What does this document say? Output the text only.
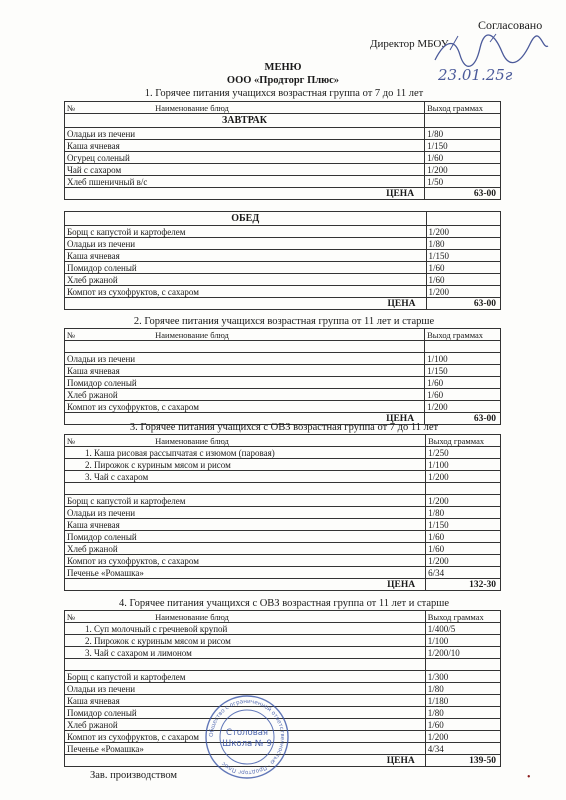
Согласовано
Директор МБОУ
23.01.25г
МЕНЮ
ООО «Продторг Плюс»
1. Горячее питания учащихся возрастная группа от 7 до 11 лет
№ Наименование блюд	Выход граммах
ЗАВТРАК	
Оладьи из печени	1/80
Каша ячневая	1/150
Огурец соленый	1/60
Чай с сахаром	1/200
Хлеб пшеничный в/с	1/50
ЦЕНА	63-00
ОБЕД	
Борщ с капустой и картофелем	1/200
Оладьи из печени	1/80
Каша ячневая	1/150
Помидор соленый	1/60
Хлеб ржаной	1/60
Компот из сухофруктов, с сахаром	1/200
ЦЕНА	63-00
2. Горячее питания учащихся возрастная группа от 11 лет и старше
№ Наименование блюд	Выход граммах

Оладьи из печени	1/100
Каша ячневая	1/150
Помидор соленый	1/60
Хлеб ржаной	1/60
Компот из сухофруктов, с сахаром	1/200
ЦЕНА	63-00
3. Горячее питания учащихся с ОВЗ возрастная группа от 7 до 11 лет
№ Наименование блюд	Выход граммах
1. Каша рисовая рассыпчатая с изюмом (паровая)	1/250
2. Пирожок с куриным мясом и рисом	1/100
3. Чай с сахаром	1/200

Борщ с капустой и картофелем	1/200
Оладьи из печени	1/80
Каша ячневая	1/150
Помидор соленый	1/60
Хлеб ржаной	1/60
Компот из сухофруктов, с сахаром	1/200
Печенье «Ромашка»	6/34
ЦЕНА	132-30
4. Горячее питания учащихся с ОВЗ возрастная группа от 11 лет и старше
№ Наименование блюд	Выход граммах
1. Суп молочный с гречневой крупой	1/400/5
2. Пирожок с куриным мясом и рисом	1/100
3. Чай с сахаром и лимоном	1/200/10

Борщ с капустой и картофелем	1/300
Оладьи из печени	1/80
Каша ячневая	1/180
Помидор соленый	1/80
Хлеб ржаной	1/60
Компот из сухофруктов, с сахаром	1/200
Печенье «Ромашка»	4/34
ЦЕНА	139-50
Общество с ограниченной ответственностью · Продторг Плюс
Столовая
Школа № 9
Зав. производством	•
